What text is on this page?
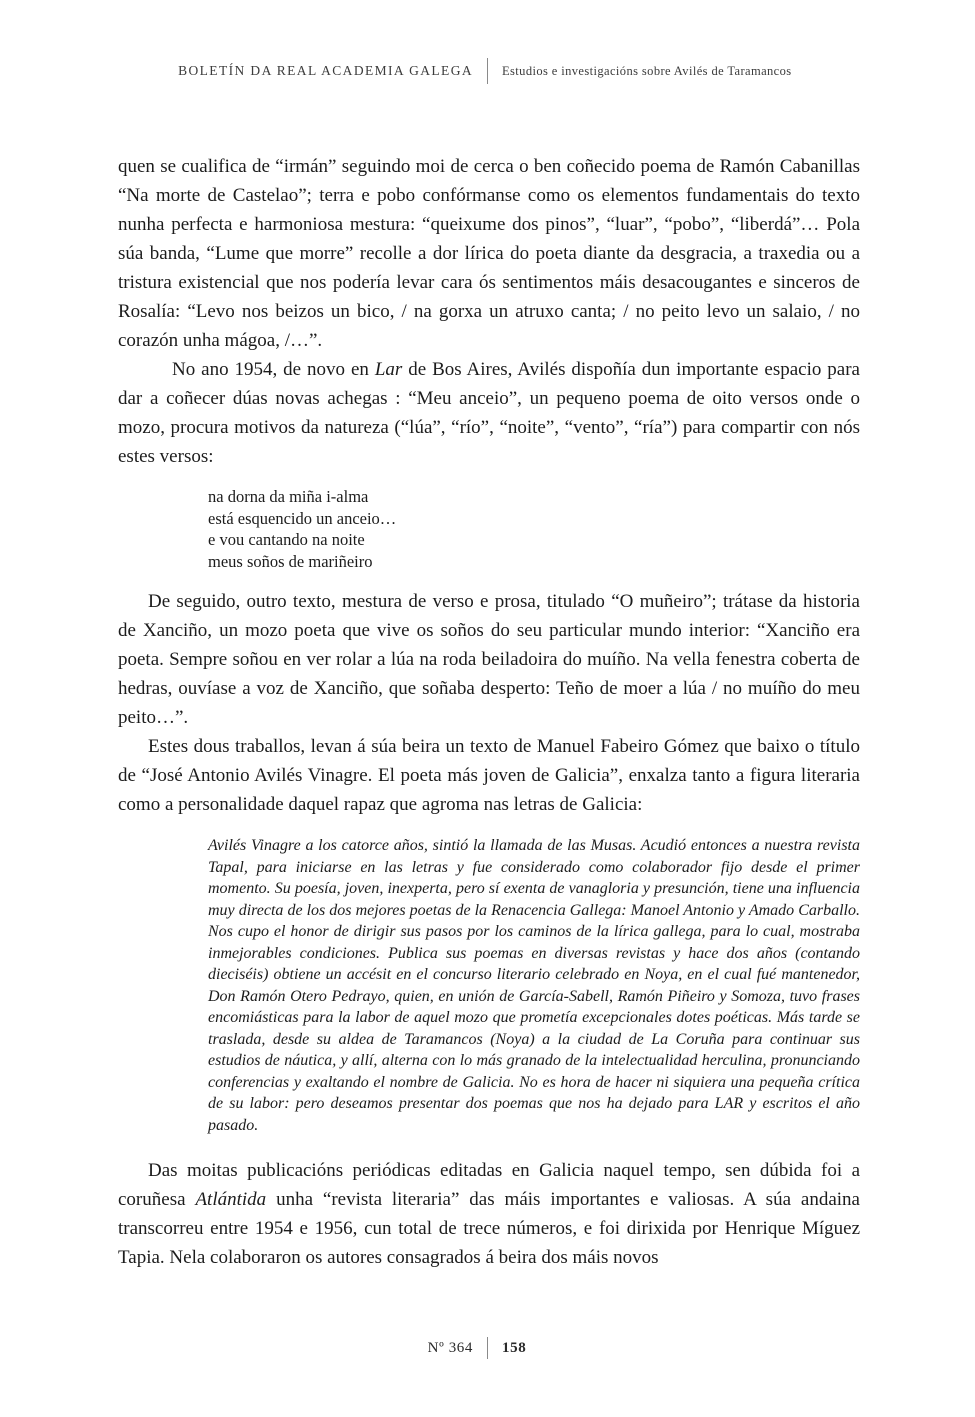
BOLETÍN DA REAL ACADEMIA GALEGA Estudios e investigacións sobre Avilés de Taramancos

quen se cualifica de “irmán” seguindo moi de cerca o ben coñecido poema de Ramón Cabanillas “Na morte de Castelao”; terra e pobo confórmanse como os elementos fundamentais do texto nunha perfecta e harmoniosa mestura: “queixume dos pinos”, “luar”, “pobo”, “liberdá”… Pola súa banda, “Lume que morre” recolle a dor lírica do poeta diante da desgracia, a traxedia ou a tristura existencial que nos podería levar cara ós sentimentos máis desacougantes e sinceros de Rosalía: “Levo nos beizos un bico, / na gorxa un atruxo canta; / no peito levo un salaio, / no corazón unha mágoa, /…”.

No ano 1954, de novo en Lar de Bos Aires, Avilés dispoñía dun importante espacio para dar a coñecer dúas novas achegas : “Meu anceio”, un pequeno poema de oito versos onde o mozo, procura motivos da natureza (“lúa”, “río”, “noite”, “vento”, “ría”) para compartir con nós estes versos:

na dorna da miña i-alma
está esquencido un anceio…
e vou cantando na noite
meus soños de mariñeiro

De seguido, outro texto, mestura de verso e prosa, titulado “O muñeiro”; trátase da historia de Xanciño, un mozo poeta que vive os soños do seu particular mundo interior: “Xanciño era poeta. Sempre soñou en ver rolar a lúa na roda beiladoira do muíño. Na vella fenestra coberta de hedras, ouvíase a voz de Xanciño, que soñaba desperto: Teño de moer a lúa / no muíño do meu peito…”.

Estes dous traballos, levan á súa beira un texto de Manuel Fabeiro Gómez que baixo o título de “José Antonio Avilés Vinagre. El poeta más joven de Galicia”, enxalza tanto a figura literaria como a personalidade daquel rapaz que agroma nas letras de Galicia:

Avilés Vinagre a los catorce años, sintió la llamada de las Musas. Acudió entonces a nuestra revista Tapal, para iniciarse en las letras y fue considerado como colaborador fijo desde el primer momento. Su poesía, joven, inexperta, pero sí exenta de vanagloria y presunción, tiene una influencia muy directa de los dos mejores poetas de la Renacencia Gallega: Manoel Antonio y Amado Carballo. Nos cupo el honor de dirigir sus pasos por los caminos de la lírica gallega, para lo cual, mostraba inmejorables condiciones. Publica sus poemas en diversas revistas y hace dos años (contando dieciséis) obtiene un accésit en el concurso literario celebrado en Noya, en el cual fué mantenedor, Don Ramón Otero Pedrayo, quien, en unión de García-Sabell, Ramón Piñeiro y Somoza, tuvo frases encomiásticas para la labor de aquel mozo que prometía excepcionales dotes poéticas. Más tarde se traslada, desde su aldea de Taramancos (Noya) a la ciudad de La Coruña para continuar sus estudios de náutica, y allí, alterna con lo más granado de la intelectualidad herculina, pronunciando conferencias y exaltando el nombre de Galicia. No es hora de hacer ni siquiera una pequeña crítica de su labor: pero deseamos presentar dos poemas que nos ha dejado para LAR y escritos el año pasado.

Das moitas publicacións periódicas editadas en Galicia naquel tempo, sen dúbida foi a coruñesa Atlántida unha “revista literaria” das máis importantes e valiosas. A súa andaina transcorreu entre 1954 e 1956, cun total de trece números, e foi dirixida por Henrique Míguez Tapia. Nela colaboraron os autores consagrados á beira dos máis novos

Nº 364 158
